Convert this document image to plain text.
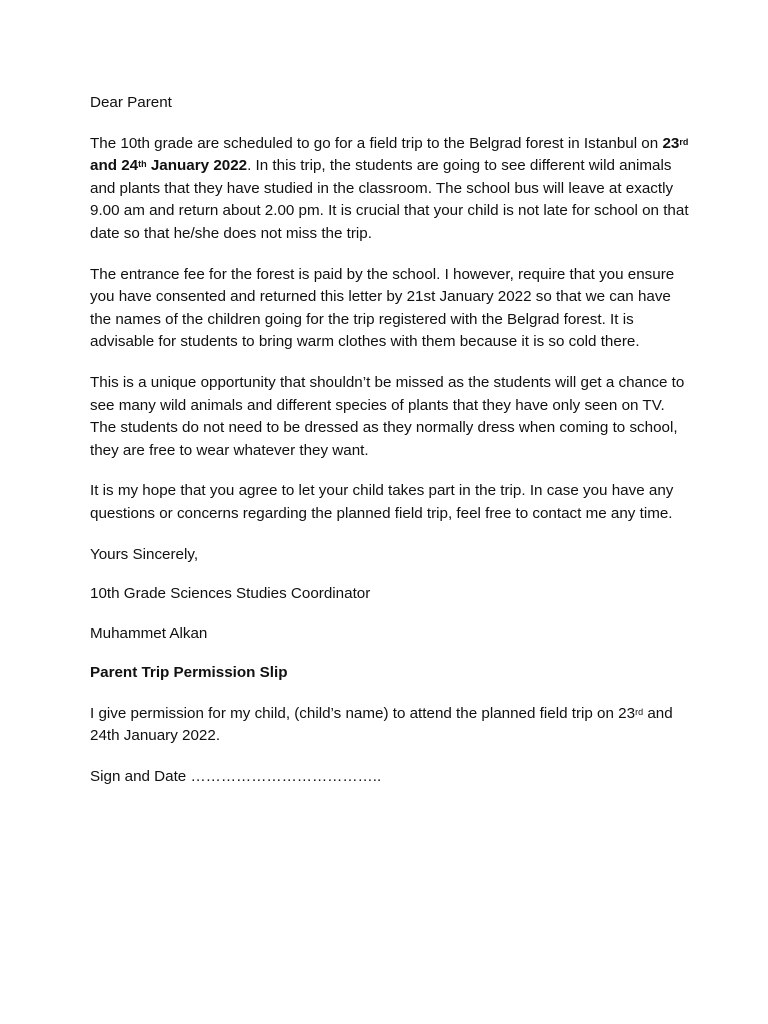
Dear Parent

The 10th grade are scheduled to go for a field trip to the Belgrad forest in Istanbul on 23rd and 24th January 2022. In this trip, the students are going to see different wild animals and plants that they have studied in the classroom. The school bus will leave at exactly 9.00 am and return about 2.00 pm. It is crucial that your child is not late for school on that date so that he/she does not miss the trip.

The entrance fee for the forest is paid by the school. I however, require that you ensure you have consented and returned this letter by 21st January 2022 so that we can have the names of the children going for the trip registered with the Belgrad forest. It is advisable for students to bring warm clothes with them because it is so cold there.

This is a unique opportunity that shouldn’t be missed as the students will get a chance to see many wild animals and different species of plants that they have only seen on TV. The students do not need to be dressed as they normally dress when coming to school, they are free to wear whatever they want.

It is my hope that you agree to let your child takes part in the trip. In case you have any questions or concerns regarding the planned field trip, feel free to contact me any time.

Yours Sincerely,

10th Grade Sciences Studies Coordinator

Muhammet Alkan

Parent Trip Permission Slip

I give permission for my child, (child’s name) to attend the planned field trip on 23rd and 24th January 2022.

Sign and Date ………………………………..
